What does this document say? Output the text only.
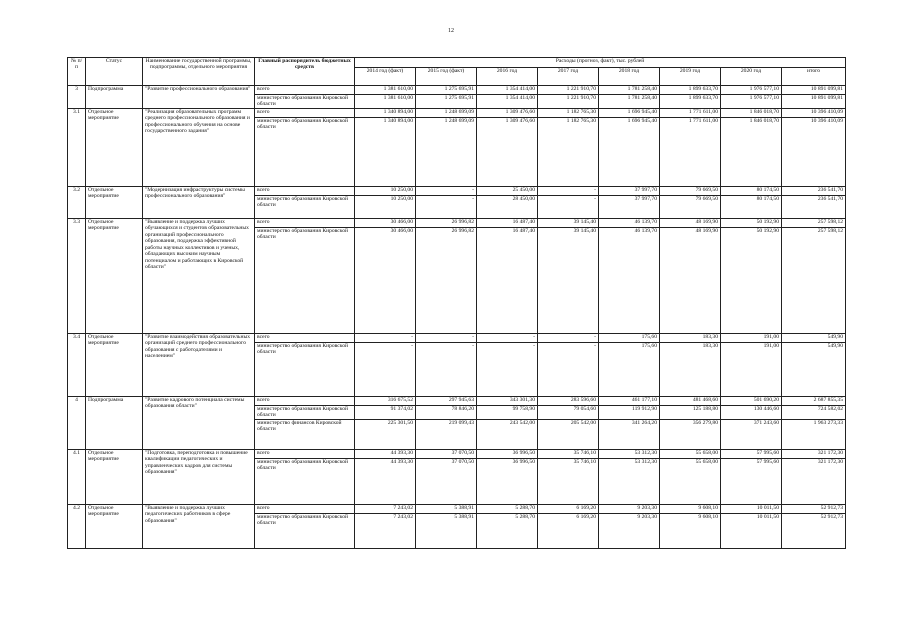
12
№ п/п	Статус	Наименование государственной программы, подпрограммы, отдельного мероприятия	Главный распорядитель бюджетных средств	Расходы (прогноз, факт), тыс. рублей							
				2014 год (факт)	2015 год (факт)	2016 год	2017 год	2018 год	2019 год	2020 год	итого
3	Подпрограмма	"Развитие профессионального образования"	всего	1 381 610,00	1 275 695,91	1 354 414,00	1 221 910,70	1 781 258,40	1 899 633,70	1 976 577,10	10 891 099,81
			министерство образования Кировской области	1 381 610,00	1 275 695,91	1 354 414,00	1 221 910,70	1 781 258,40	1 899 633,70	1 976 577,10	10 891 099,81
3.1	Отдельное мероприятие	"Реализация образовательных программ среднего профессионального образования и профессионального обучения на основе государственного задания"	всего	1 340 894,00	1 248 699,09	1 309 476,60	1 182 765,30	1 696 945,40	1 771 611,00	1 846 018,70	10 396 410,09
			министерство образования Кировской области	1 340 894,00	1 248 699,09	1 309 476,60	1 182 765,30	1 696 945,40	1 771 611,00	1 846 018,70	10 396 410,09
3.2	Отдельное мероприятие	"Модернизация инфраструктуры системы профессионального образования"	всего	10 250,00	-	25 450,00	-	37 997,70	79 669,50	80 174,50	236 541,70
			министерство образования Кировской области	10 250,00	-	28 450,00	-	37 997,70	79 669,50	80 174,50	236 541,70
3.3	Отдельное мероприятие	"Выявление и поддержка лучших обучающихся и студентов образовательных организаций профессионального образования, поддержка эффективной работы научных коллективов и ученых, обладающих высоким научным потенциалом и работающих в Кировской области"	всего	30 466,00	26 996,82	16 487,40	39 145,40	46 139,70	48 169,90	50 192,90	257 598,12
			министерство образования Кировской области	30 466,00	26 996,82	16 487,40	39 145,40	46 139,70	48 169,90	50 192,90	257 598,12
3.4	Отдельное мероприятие	"Развитие взаимодействия образовательных организаций среднего профессионального образования с работодателями и населением"	всего	-	-	-	-	175,60	183,30	191,00	549,90
			министерство образования Кировской области	-	-	-	-	175,60	183,30	191,00	549,90
4	Подпрограмма	"Развитие кадрового потенциала системы образования области"	всего	316 675,52	297 945,63	343 301,30	283 596,60	461 177,10	481 468,60	501 690,20	2 687 855,35
			министерство образования Кировской области	91 374,02	78 846,20	99 758,90	79 054,60	119 912,90	125 188,80	130 446,60	724 582,02
			министерство финансов Кировской области	225 301,50	219 099,43	243 542,00	205 542,00	341 264,20	356 279,80	371 243,60	1 963 273,33
4.1	Отдельное мероприятие	"Подготовка, переподготовка и повышение квалификации педагогических и управленческих кадров для системы образования"	всего	44 393,30	37 070,50	36 996,50	35 746,10	53 312,30	55 658,00	57 995,60	321 172,30
			министерство образования Кировской области	44 393,30	37 070,50	36 996,50	35 746,10	53 312,30	55 658,00	57 995,60	321 172,30
4.2	Отдельное мероприятие	"Выявление и поддержка лучших педагогических работников в сфере образования"	всего	7 243,02	5 388,91	5 288,70	6 169,20	9 203,30	9 608,10	10 011,50	52 912,73
			министерство образования Кировской области	7 243,02	5 388,91	5 288,70	6 169,20	9 203,30	9 608,10	10 011,50	52 912,73
